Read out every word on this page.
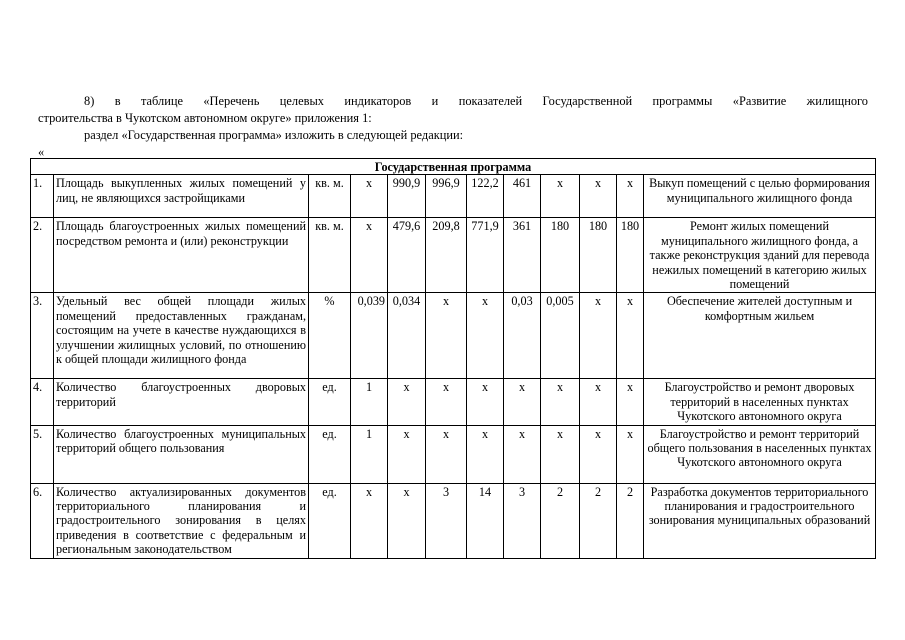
8) в таблице «Перечень целевых индикаторов и показателей Государственной программы «Развитие жилищного
строительства в Чукотском автономном округе» приложения 1:

раздел «Государственная программа» изложить в следующей редакции:

«
Государственная программа											
1.	Площадь выкупленных жилых помещений у лиц, не являющихся застройщиками	кв. м.	x	990,9	996,9	122,2	461	x	x	x	Выкуп помещений с целью формирования муниципального жилищного фонда
2.	Площадь благоустроенных жилых помещений посредством ремонта и (или) реконструкции	кв. м.	x	479,6	209,8	771,9	361	180	180	180	Ремонт жилых помещений муниципального жилищного фонда, а также реконструкция зданий для перевода нежилых помещений в категорию жилых помещений
3.	Удельный вес общей площади жилых помещений предоставленных гражданам, состоящим на учете в качестве нуждающихся в улучшении жилищных условий, по отношению к общей площади жилищного фонда	%	0,039	0,034	x	x	0,03	0,005	x	x	Обеспечение жителей доступным и комфортным жильем
4.	Количество благоустроенных дворовых территорий	ед.	1	x	x	x	x	x	x	x	Благоустройство и ремонт дворовых территорий в населенных пунктах Чукотского автономного округа
5.	Количество благоустроенных муниципальных территорий общего пользования	ед.	1	x	x	x	x	x	x	x	Благоустройство и ремонт территорий общего пользования в населенных пунктах Чукотского автономного округа
6.	Количество актуализированных документов территориального планирования и градостроительного зонирования в целях приведения в соответствие с федеральным и региональным законодательством	ед.	x	x	3	14	3	2	2	2	Разработка документов территориального планирования и градостроительного зонирования муниципальных образований
